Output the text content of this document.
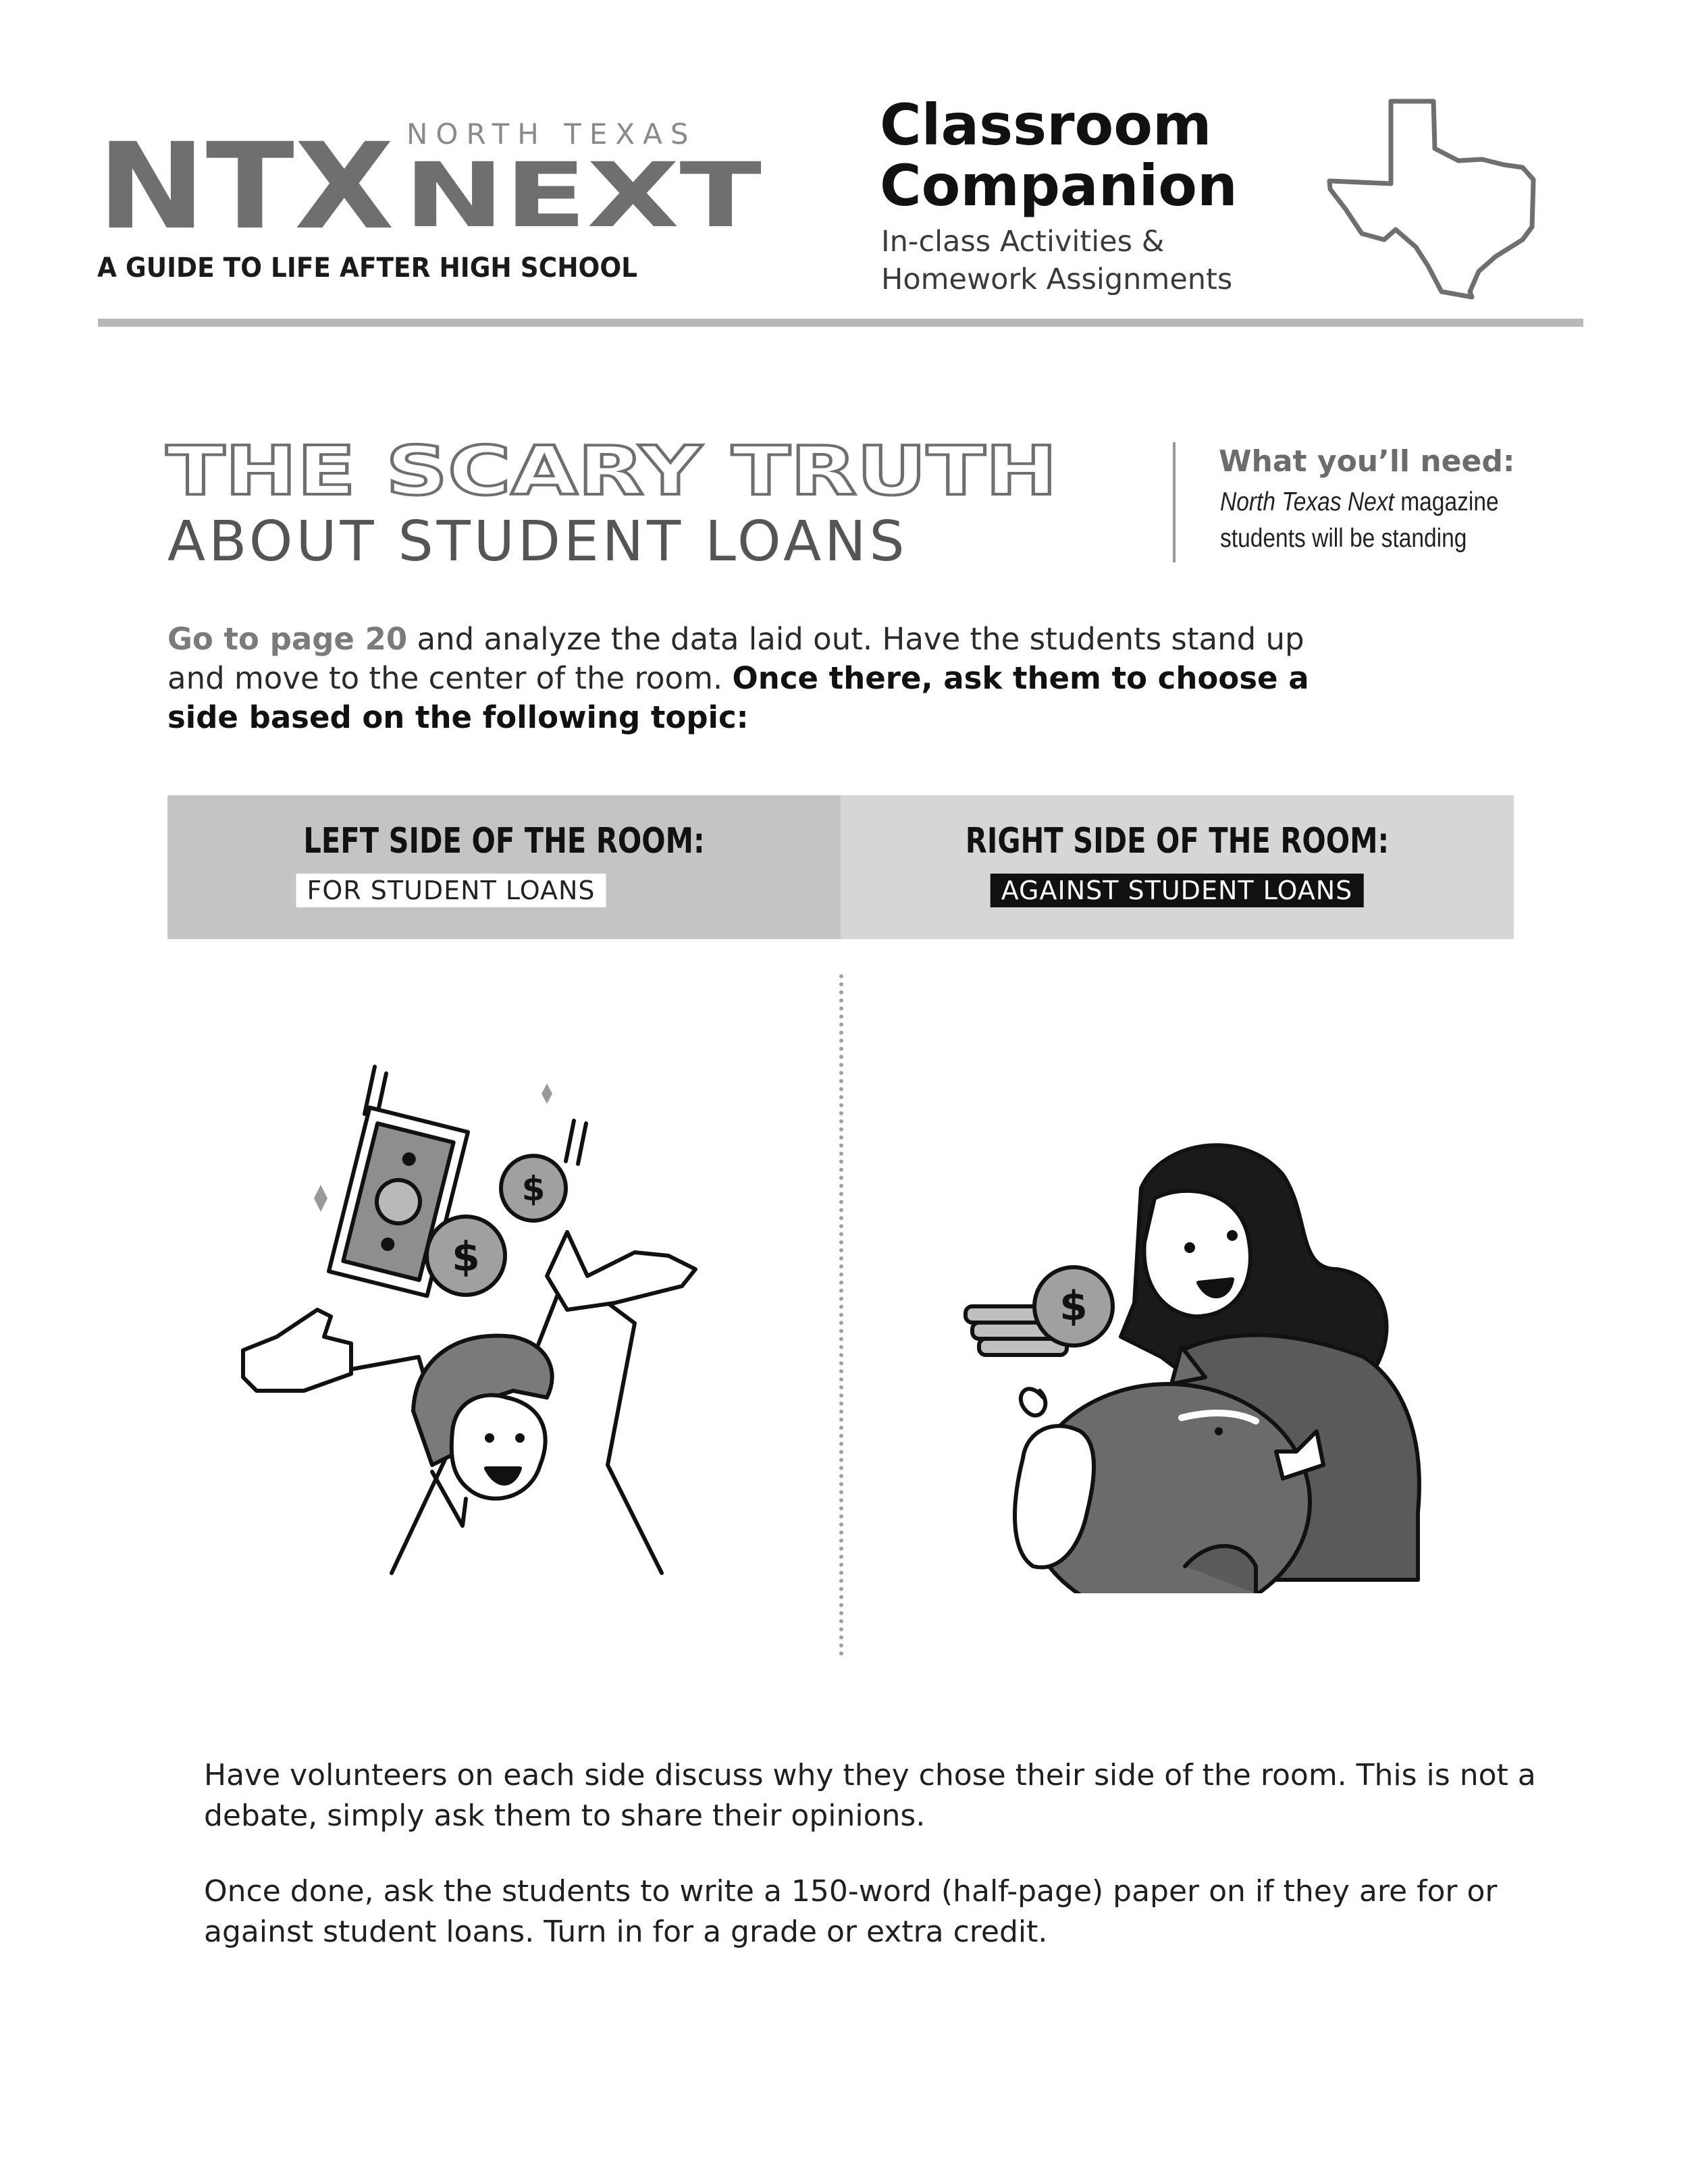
NORTH TEXAS
NTX NEXT
A GUIDE TO LIFE AFTER HIGH SCHOOL
Classroom
Companion
In-class Activities &
Homework Assignments
THE SCARY TRUTH
ABOUT STUDENT LOANS
What you’ll need:
North Texas Next magazine
students will be standing
Go to page 20 and analyze the data laid out. Have the students stand up and move to the center of the room. Once there, ask them to choose a side based on the following topic:
LEFT SIDE OF THE ROOM:
FOR STUDENT LOANS
RIGHT SIDE OF THE ROOM:
AGAINST STUDENT LOANS
$
$
$
Have volunteers on each side discuss why they chose their side of the room. This is not a debate, simply ask them to share their opinions.
Once done, ask the students to write a 150-word (half-page) paper on if they are for or against student loans. Turn in for a grade or extra credit.
